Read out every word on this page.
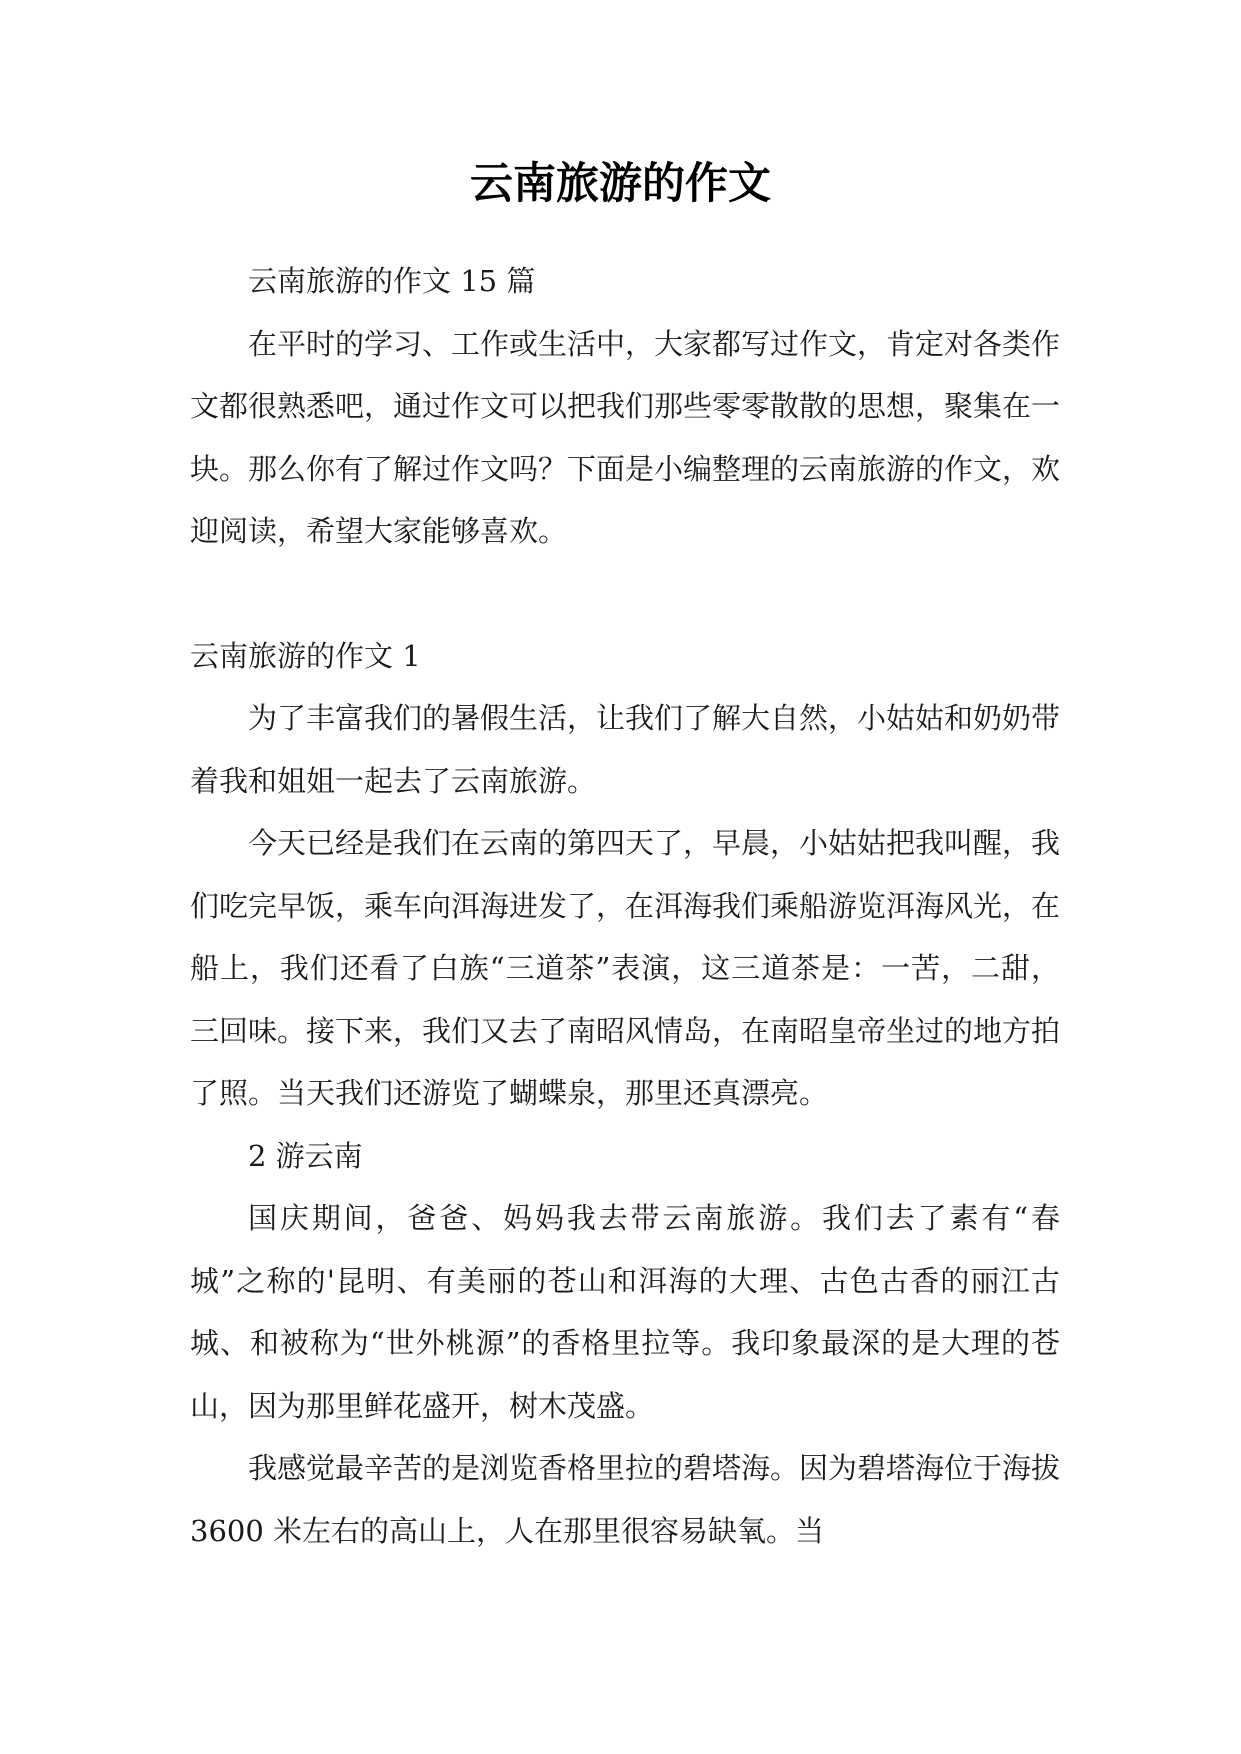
云南旅游的作文

云南旅游的作文 15 篇

在平时的学习、工作或生活中，大家都写过作文，肯定对各类作文都很熟悉吧，通过作文可以把我们那些零零散散的思想，聚集在一块。那么你有了解过作文吗？下面是小编整理的云南旅游的作文，欢迎阅读，希望大家能够喜欢。

云南旅游的作文 1

为了丰富我们的暑假生活，让我们了解大自然，小姑姑和奶奶带着我和姐姐一起去了云南旅游。

今天已经是我们在云南的第四天了，早晨，小姑姑把我叫醒，我们吃完早饭，乘车向洱海进发了，在洱海我们乘船游览洱海风光，在船上，我们还看了白族“三道茶”表演，这三道茶是：一苦，二甜，三回味。接下来，我们又去了南昭风情岛，在南昭皇帝坐过的地方拍了照。当天我们还游览了蝴蝶泉，那里还真漂亮。

2 游云南

国庆期间，爸爸、妈妈我去带云南旅游。我们去了素有“春城”之称的'昆明、有美丽的苍山和洱海的大理、古色古香的丽江古城、和被称为“世外桃源”的香格里拉等。我印象最深的是大理的苍山，因为那里鲜花盛开，树木茂盛。

我感觉最辛苦的是浏览香格里拉的碧塔海。因为碧塔海位于海拔 3600 米左右的高山上，人在那里很容易缺氧。当
